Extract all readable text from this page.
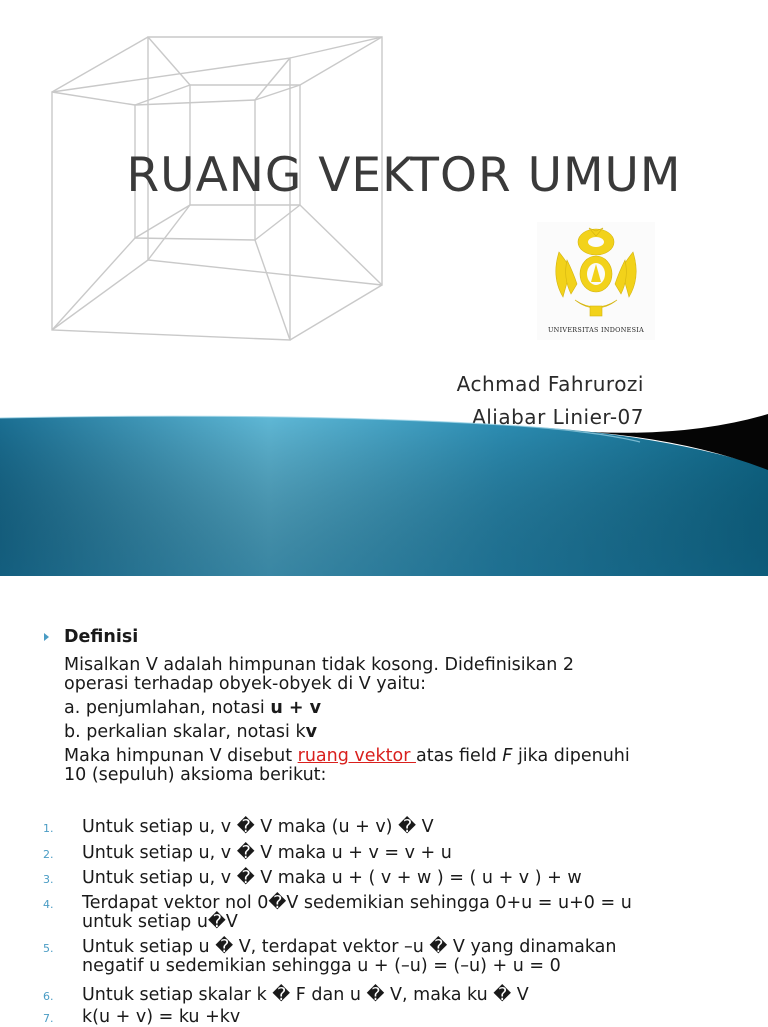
RUANG VEKTOR UMUM
UNIVERSITAS INDONESIA
Achmad Fahrurozi
Aljabar Linier-07
Definisi
Misalkan V adalah himpunan tidak kosong. Didefinisikan 2
operasi terhadap obyek-obyek di V yaitu:
a. penjumlahan, notasi u + v
b. perkalian skalar, notasi kv
Maka himpunan V disebut ruang vektor atas field F jika dipenuhi
10 (sepuluh) aksioma berikut:
1. Untuk setiap u, v � V maka (u + v) � V
2. Untuk setiap u, v � V maka u + v = v + u
3. Untuk setiap u, v � V maka u + ( v + w ) = ( u + v ) + w
4. Terdapat vektor nol 0�V sedemikian sehingga 0+u = u+0 = u
untuk setiap u�V
5. Untuk setiap u � V, terdapat vektor –u � V yang dinamakan
negatif u sedemikian sehingga u + (–u) = (–u) + u = 0
6. Untuk setiap skalar k � F dan u � V, maka ku � V
7. k(u + v) = ku +kv
